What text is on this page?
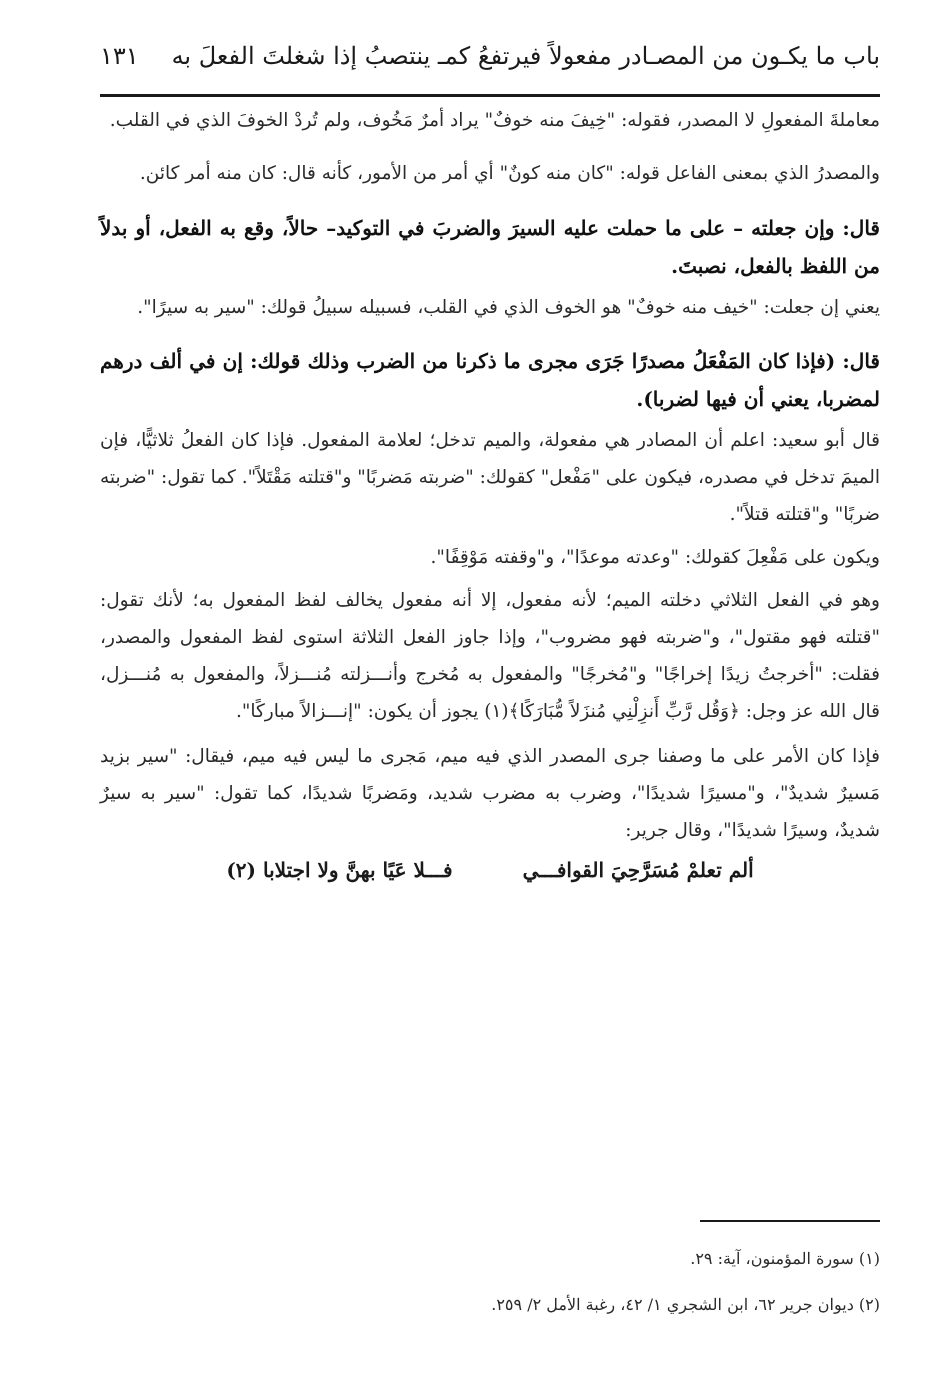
باب ما يكـون من المصـادر مفعولاً فيرتفعُ كمـ ينتصبُ إذا شغلتَ الفعلَ به
١٣١

معاملةَ المفعولِ لا المصدر، فقوله: "خِيفَ منه خوفٌ" يراد أمرٌ مَخُوف، ولم تُردْ الخوفَ الذي في القلب.

والمصدرُ الذي بمعنى الفاعل قوله: "كان منه كونٌ" أي أمر من الأمور، كأنه قال: كان منه أمر كائن.

قال: وإن جعلته – على ما حملت عليه السيرَ والضربَ في التوكيد– حالاً، وقع به الفعل، أو بدلاً من اللفظ بالفعل، نصبتَ.

يعني إن جعلت: "خيف منه خوفٌ" هو الخوف الذي في القلب، فسبيله سبيلُ قولك: "سير به سيرًا".

قال: (فإذا كان المَفْعَلُ مصدرًا جَرَى مجرى ما ذكرنا من الضرب وذلك قولك: إن في ألف درهم لمضربا، يعني أن فيها لضربا).

قال أبو سعيد: اعلم أن المصادر هي مفعولة، والميم تدخل؛ لعلامة المفعول. فإذا كان الفعلُ ثلاثيًّا، فإن الميمَ تدخل في مصدره، فيكون على "مَفْعل" كقولك: "ضربته مَضربًا" و"قتلته مَقْتَلاً". كما تقول: "ضربته ضربًا" و"قتلته قتلاً".

ويكون على مَفْعِلَ كقولك: "وعدته موعدًا"، و"وقفته مَوْقِفًا".

وهو في الفعل الثلاثي دخلته الميم؛ لأنه مفعول، إلا أنه مفعول يخالف لفظ المفعول به؛ لأنك تقول: "قتلته فهو مقتول"، و"ضربته فهو مضروب"، وإذا جاوز الفعل الثلاثة استوى لفظ المفعول والمصدر، فقلت: "أخرجتُ زيدًا إخراجًا" و"مُخرجًا" والمفعول به مُخرج وأنـــزلته مُنـــزلاً، والمفعول به مُنـــزل، قال الله عز وجل: ﴿وَقُل رَّبِّ أَنزِلْنِي مُنزَلاً مُّبَارَكًا﴾(١) يجوز أن يكون: "إنـــزالاً مباركًا".

فإذا كان الأمر على ما وصفنا جرى المصدر الذي فيه ميم، مَجرى ما ليس فيه ميم، فيقال: "سير بزيد مَسيرٌ شديدٌ"، و"مسيرًا شديدًا"، وضرب به مضرب شديد، ومَضربًا شديدًا، كما تقول: "سير به سيرٌ شديدٌ، وسيرًا شديدًا"، وقال جرير:

ألم تعلمْ مُسَرَّحِيَ القوافـــي
فـــلا عَيًا بهنَّ ولا اجتلابا (٢)

(١) سورة المؤمنون، آية: ٢٩.

(٢) ديوان جرير ٦٢، ابن الشجري ١/ ٤٢، رغبة الأمل ٢/ ٢٥٩.
